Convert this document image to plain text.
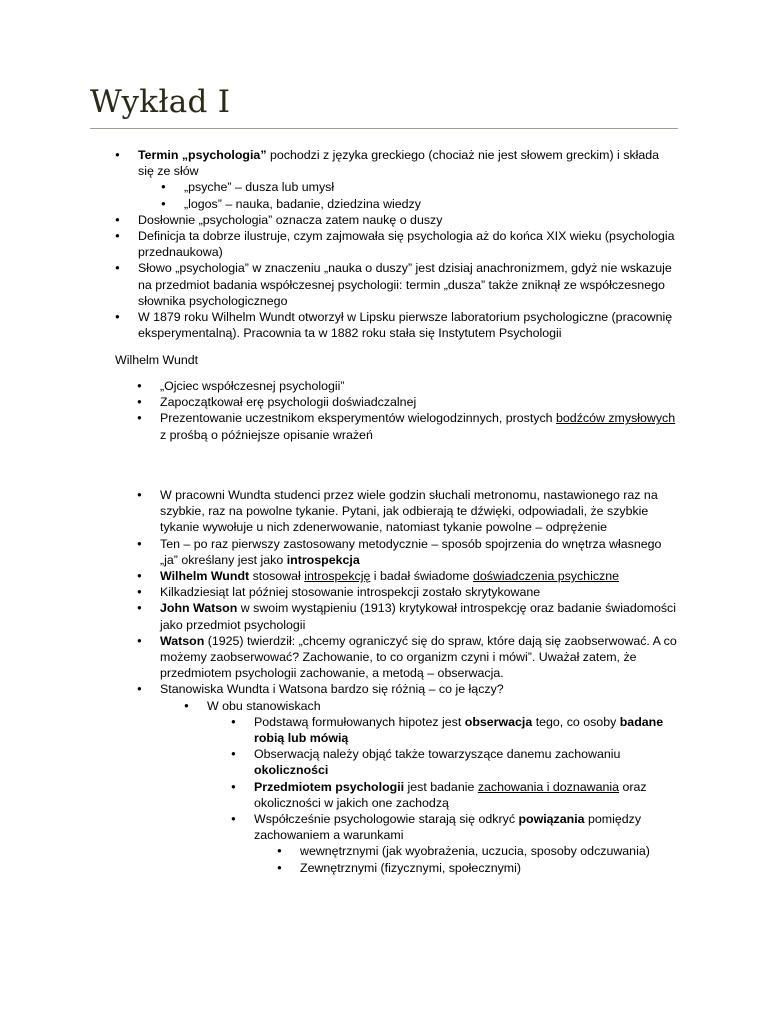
Wykład I
● Termin „psychologia” pochodzi z języka greckiego (chociaż nie jest słowem greckim) i składa się ze słów
● „psyche” – dusza lub umysł
● „logos” – nauka, badanie, dziedzina wiedzy
● Dosłownie „psychologia” oznacza zatem naukę o duszy
● Definicja ta dobrze ilustruje, czym zajmowała się psychologia aż do końca XIX wieku (psychologia przednaukowa)
● Słowo „psychologia” w znaczeniu „nauka o duszy” jest dzisiaj anachronizmem, gdyż nie wskazuje na przedmiot badania współczesnej psychologii: termin „dusza” także zniknął ze współczesnego słownika psychologicznego
● W 1879 roku Wilhelm Wundt otworzył w Lipsku pierwsze laboratorium psychologiczne (pracownię eksperymentalną). Pracownia ta w 1882 roku stała się Instytutem Psychologii
Wilhelm Wundt
● „Ojciec współczesnej psychologii”
● Zapoczątkował erę psychologii doświadczalnej
● Prezentowanie uczestnikom eksperymentów wielogodzinnych, prostych bodźców zmysłowych z prośbą o późniejsze opisanie wrażeń
● W pracowni Wundta studenci przez wiele godzin słuchali metronomu, nastawionego raz na szybkie, raz na powolne tykanie. Pytani, jak odbierają te dźwięki, odpowiadali, że szybkie tykanie wywołuje u nich zdenerwowanie, natomiast tykanie powolne – odprężenie
● Ten – po raz pierwszy zastosowany metodycznie – sposób spojrzenia do wnętrza własnego „ja” określany jest jako introspekcja
● Wilhelm Wundt stosował introspekcję i badał świadome doświadczenia psychiczne
● Kilkadziesiąt lat później stosowanie introspekcji zostało skrytykowane
● John Watson w swoim wystąpieniu (1913) krytykował introspekcję oraz badanie świadomości jako przedmiot psychologii
● Watson (1925) twierdził: „chcemy ograniczyć się do spraw, które dają się zaobserwować. A co możemy zaobserwować? Zachowanie, to co organizm czyni i mówi”. Uważał zatem, że przedmiotem psychologii zachowanie, a metodą – obserwacja.
● Stanowiska Wundta i Watsona bardzo się różnią – co je łączy?
● W obu stanowiskach
● Podstawą formułowanych hipotez jest obserwacja tego, co osoby badane robią lub mówią
● Obserwacją należy objąć także towarzyszące danemu zachowaniu okoliczności
● Przedmiotem psychologii jest badanie zachowania i doznawania oraz okoliczności w jakich one zachodzą
● Współcześnie psychologowie starają się odkryć powiązania pomiędzy zachowaniem a warunkami
● wewnętrznymi (jak wyobrażenia, uczucia, sposoby odczuwania)
● Zewnętrznymi (fizycznymi, społecznymi)
